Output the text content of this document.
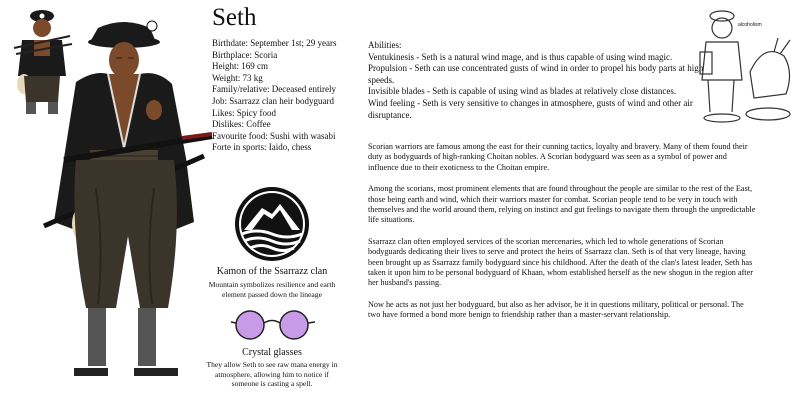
Seth
Birthdate: September 1st; 29 years
Birthplace: Scoria
Height: 169 cm
Weight: 73 kg
Family/relative: Deceased entirely
Job: Ssarrazz clan heir bodyguard
Likes: Spicy food
Dislikes: Coffee
Favourite food: Sushi with wasabi
Forte in sports: Iaido, chess
Abilities:
Ventukinesis - Seth is a natural wind mage, and is thus capable of using wind magic.
Propulsion - Seth can use concentrated gusts of wind in order to propel his body parts at high speeds.
Invisible blades - Seth is capable of using wind as blades at relatively close distances.
Wind feeling - Seth is very sensitive to changes in atmosphere, gusts of wind and other air disruptance.

Scorian warriors are famous among the east for their cunning tactics, loyalty and bravery. Many of them found their duty as bodyguards of high-ranking Choitan nobles. A Scorian bodyguard was seen as a symbol of power and influence due to their exoticness to the Choitan empire.

Among the scorians, most prominent elements that are found throughout the people are similar to the rest of the East, those being earth and wind, which their warriors master for combat. Scorian people tend to be very in touch with themselves and the world around them, relying on instinct and gut feelings to navigate them through the unpredictable life situations.

Ssarrazz clan often employed services of the scorian mercenaries, which led to whole generations of Scorian bodyguards dedicating their lives to serve and protect the heirs of Ssarrazz clan. Seth is of that very lineage, having been brought up as Ssarrazz family bodyguard since his childhood. After the death of the clan's latest leader, Seth has taken it upon him to be personal bodyguard of Khaan, whom established herself as the new shogun in the region after her husband's passing.

Now he acts as not just her bodyguard, but also as her advisor, be it in questions military, political or personal. The two have formed a bond more benign to friendship rather than a master-servant relationship.

Kamon of the Ssarrazz clan
Mountain symbolizes resilience and earth element passed down the lineage
Crystal glasses
They allow Seth to see raw mana energy in atmosphere, allowing him to notice if someone is casting a spell.
alcoholism
